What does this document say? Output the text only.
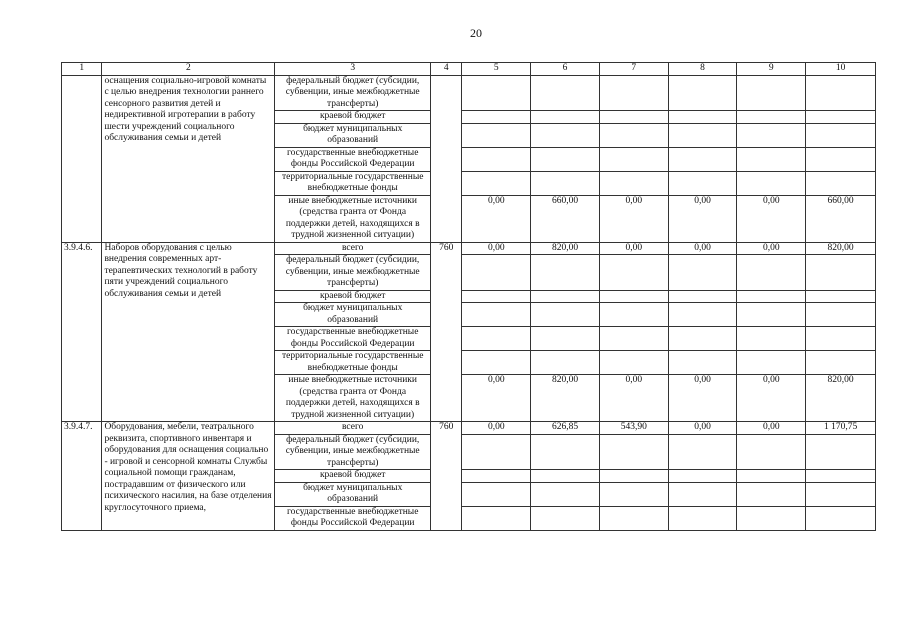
20
1	2	3	4	5	6	7	8	9	10
	оснащения социально-игровой комнаты с целью внедрения технологии раннего сенсорного развития детей и недирективной игротерапии в работу шести учреждений социального обслуживания семьи и детей	федеральный бюджет (субсидии, субвенции, иные межбюджетные трансферты)							
		краевой бюджет							
		бюджет муниципальных образований							
		государственные внебюджетные фонды Российской Федерации							
		территориальные государственные внебюджетные фонды							
		иные внебюджетные источники (средства гранта от Фонда поддержки детей, находящихся в трудной жизненной ситуации)		0,00	660,00	0,00	0,00	0,00	660,00
3.9.4.6.	Наборов оборудования с целью внедрения современных арт-терапевтических технологий в работу пяти учреждений социального обслуживания семьи и детей	всего	760	0,00	820,00	0,00	0,00	0,00	820,00
		федеральный бюджет (субсидии, субвенции, иные межбюджетные трансферты)							
		краевой бюджет							
		бюджет муниципальных образований							
		государственные внебюджетные фонды Российской Федерации							
		территориальные государственные внебюджетные фонды							
		иные внебюджетные источники (средства гранта от Фонда поддержки детей, находящихся в трудной жизненной ситуации)		0,00	820,00	0,00	0,00	0,00	820,00
3.9.4.7.	Оборудования, мебели, театрального реквизита, спортивного инвентаря и оборудования для оснащения социально - игровой и сенсорной комнаты Службы социальной помощи гражданам, пострадавшим от физического или психического насилия, на базе отделения круглосуточного приема,	всего	760	0,00	626,85	543,90	0,00	0,00	1 170,75
		федеральный бюджет (субсидии, субвенции, иные межбюджетные трансферты)							
		краевой бюджет							
		бюджет муниципальных образований							
		государственные внебюджетные фонды Российской Федерации							
